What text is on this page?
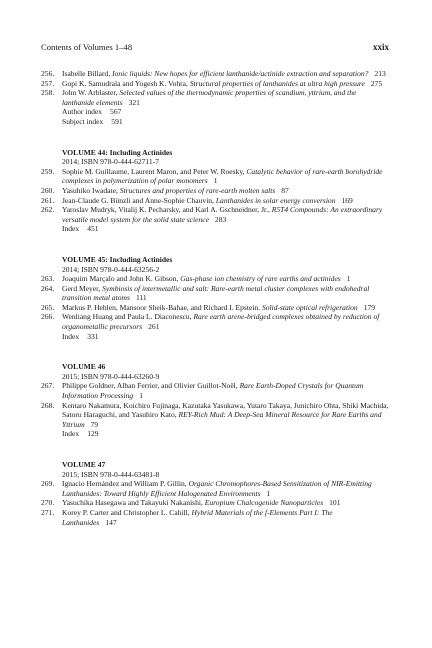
Contents of Volumes 1–48	xxix
256.	Isabelle Billard, Ionic liquids: New hopes for efficient lanthanide/actinide extraction and separation? 213
257.	Gopi K. Samudrala and Yogesh K. Vohra, Structural properties of lanthanides at ultra high pressure 275
258.	John W. Arblaster, Selected values of the thermodynamic properties of scandium, yttrium, and the lanthanide elements 321
Author index 567
Subject index 591
VOLUME 44: Including Actinides
2014; ISBN 978-0-444-62711-7
259.	Sophie M. Guillaume, Laurent Maron, and Peter W. Roesky, Catalytic behavior of rare-earth borohydride complexes in polymerization of polar monomers 1
260.	Yasuhiko Iwadate, Structures and properties of rare-earth molten salts 87
261.	Jean-Claude G. Bünzli and Anne-Sophie Chauvin, Lanthanides in solar energy conversion 169
262.	Yaroslav Mudryk, Vitalij K. Pecharsky, and Karl A. Gschneidner, Jr., R5T4 Compounds: An extraordinary versatile model system for the solid state science 283
Index 451
VOLUME 45: Including Actinides
2014; ISBN 978-0-444-63256-2
263.	Joaquim Marçalo and John K. Gibson, Gas-phase ion chemistry of rare earths and actinides 1
264.	Gerd Meyer, Symbiosis of intermetallic and salt: Rare-earth metal cluster complexes with endohedral transition metal atoms 111
265.	Markus P. Hehlen, Mansoor Sheik-Bahae, and Richard I. Epstein. Solid-state optical refrigeration 179
266.	Wenliang Huang and Paula L. Diaconescu, Rare earth arene-bridged complexes obtained by reduction of organometallic precursors 261
Index 331
VOLUME 46
2015; ISBN 978-0-444-63260-9
267.	Philippe Goldner, Alban Ferrier, and Olivier Guillot-Noël, Rare Earth-Doped Crystals for Quantum Information Processing 1
268.	Kentaro Nakamura, Koichiro Fujinaga, Kazutaka Yasukawa, Yutaro Takaya, Junichiro Ohta, Shiki Machida, Satoru Haraguchi, and Yasuhiro Kato, REY-Rich Mud: A Deep-Sea Mineral Resource for Rare Earths and Yttrium 79
Index 129
VOLUME 47
2015; ISBN 978-0-444-63481-8
269.	Ignacio Hernández and William P. Gillin, Organic Chromophores-Based Sensitization of NIR-Emitting Lanthanides: Toward Highly Efficient Halogenated Environments 1
270.	Yasuchika Hasegawa and Takayuki Nakanishi, Europium Chalcogenide Nanoparticles 101
271.	Korey P. Carter and Christopher L. Cahill, Hybrid Materials of the f-Elements Part I: The Lanthanides 147
